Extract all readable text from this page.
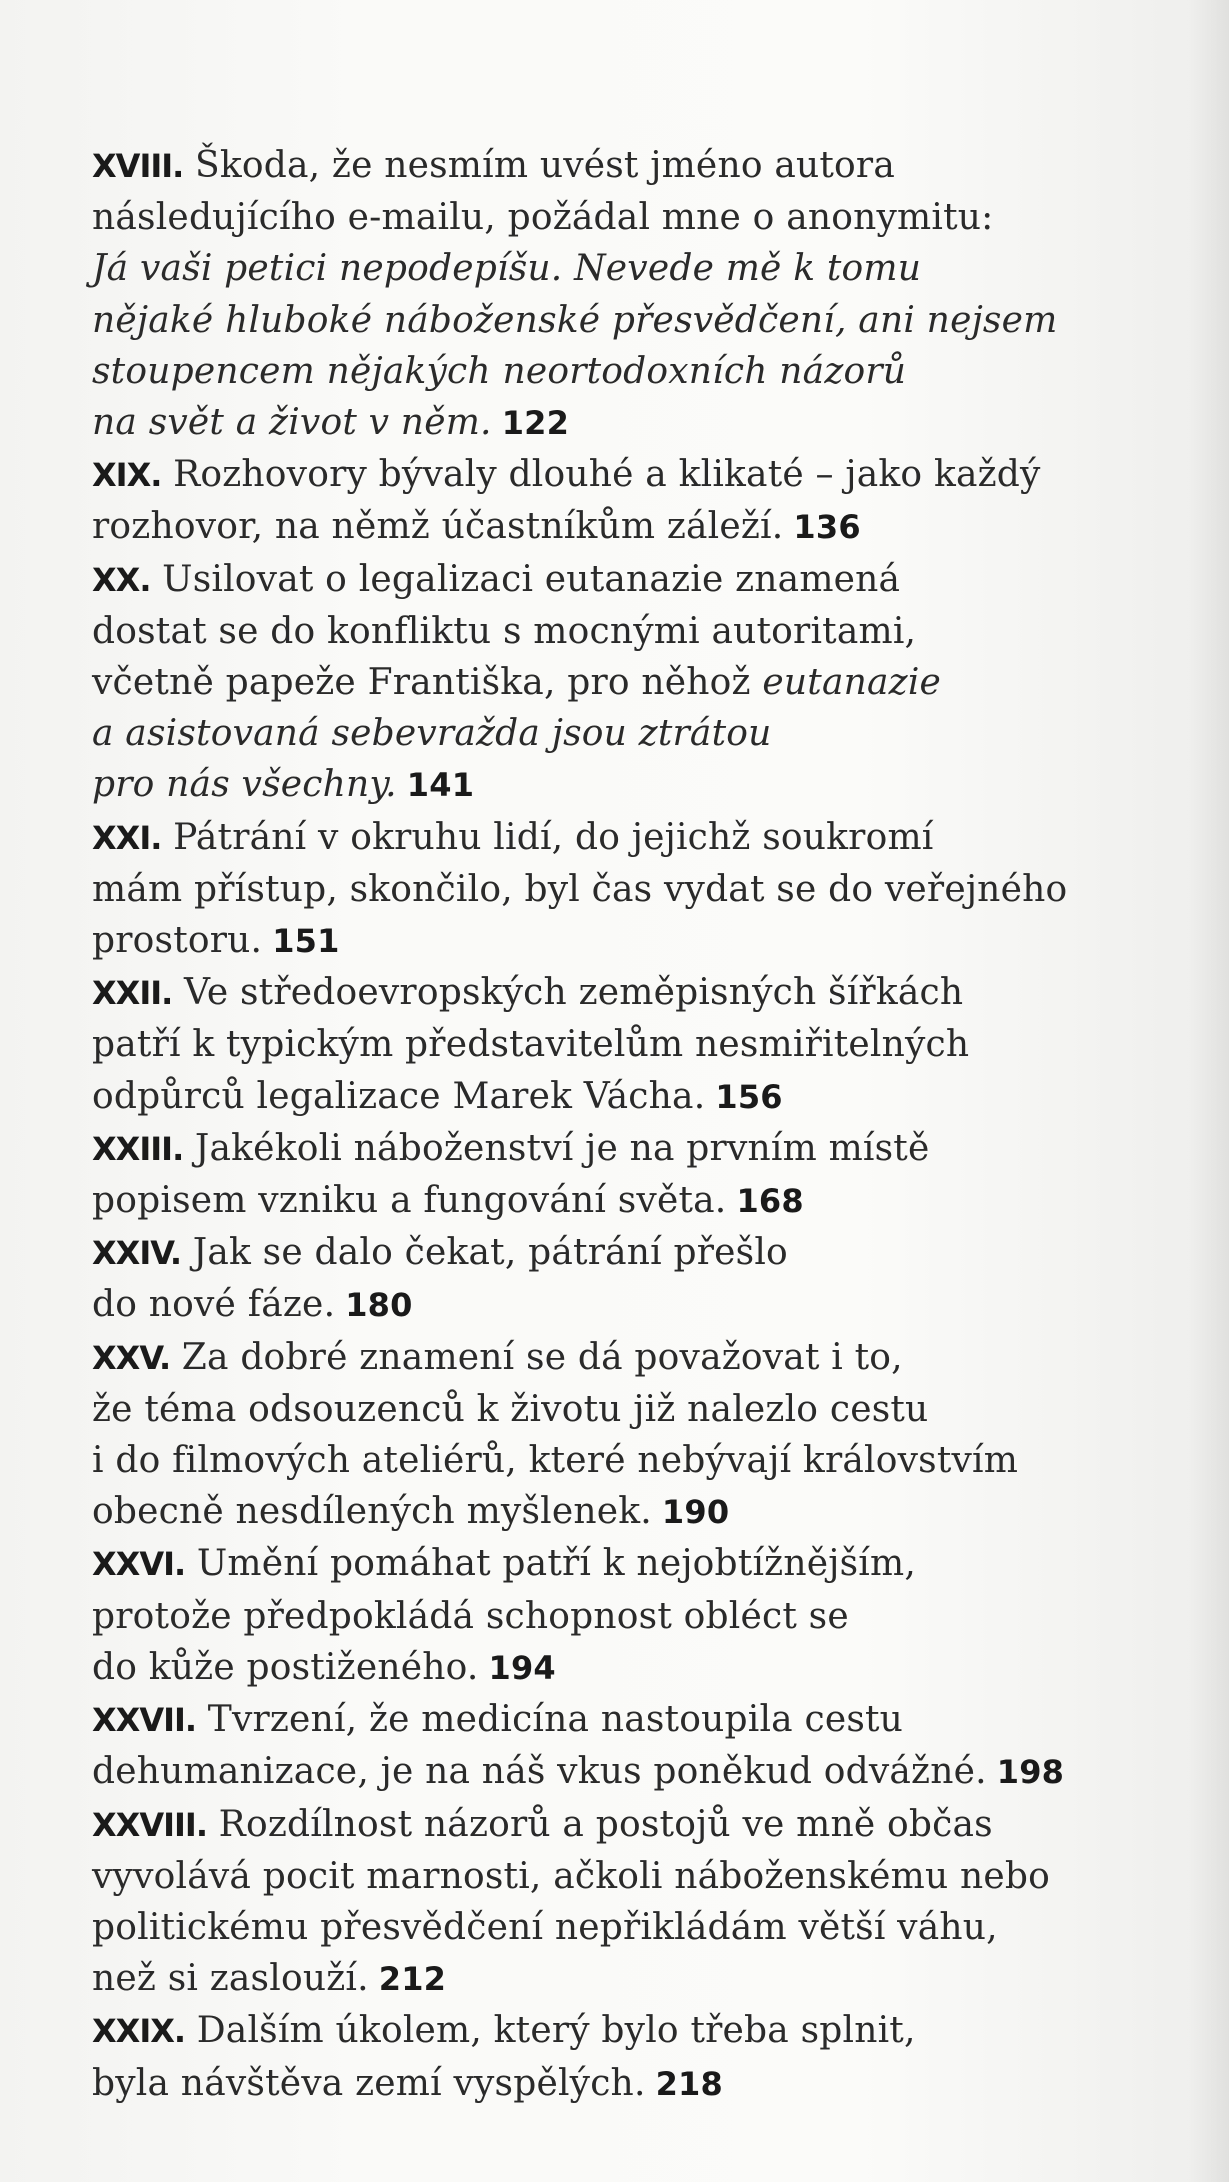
XVIII. Škoda, že nesmím uvést jméno autora
následujícího e-mailu, požádal mne o anonymitu:
Já vaši petici nepodepíšu. Nevede mě k tomu
nějaké hluboké náboženské přesvědčení, ani nejsem
stoupencem nějakých neortodoxních názorů
na svět a život v něm. 122
XIX. Rozhovory bývaly dlouhé a klikaté – jako každý
rozhovor, na němž účastníkům záleží. 136
XX. Usilovat o legalizaci eutanazie znamená
dostat se do konfliktu s mocnými autoritami,
včetně papeže Františka, pro něhož eutanazie
a asistovaná sebevražda jsou ztrátou
pro nás všechny. 141
XXI. Pátrání v okruhu lidí, do jejichž soukromí
mám přístup, skončilo, byl čas vydat se do veřejného
prostoru. 151
XXII. Ve středoevropských zeměpisných šířkách
patří k typickým představitelům nesmiřitelných
odpůrců legalizace Marek Vácha. 156
XXIII. Jakékoli náboženství je na prvním místě
popisem vzniku a fungování světa. 168
XXIV. Jak se dalo čekat, pátrání přešlo
do nové fáze. 180
XXV. Za dobré znamení se dá považovat i to,
že téma odsouzenců k životu již nalezlo cestu
i do filmových ateliérů, které nebývají královstvím
obecně nesdílených myšlenek. 190
XXVI. Umění pomáhat patří k nejobtížnějším,
protože předpokládá schopnost obléct se
do kůže postiženého. 194
XXVII. Tvrzení, že medicína nastoupila cestu
dehumanizace, je na náš vkus poněkud odvážné. 198
XXVIII. Rozdílnost názorů a postojů ve mně občas
vyvolává pocit marnosti, ačkoli náboženskému nebo
politickému přesvědčení nepřikládám větší váhu,
než si zaslouží. 212
XXIX. Dalším úkolem, který bylo třeba splnit,
byla návštěva zemí vyspělých. 218
